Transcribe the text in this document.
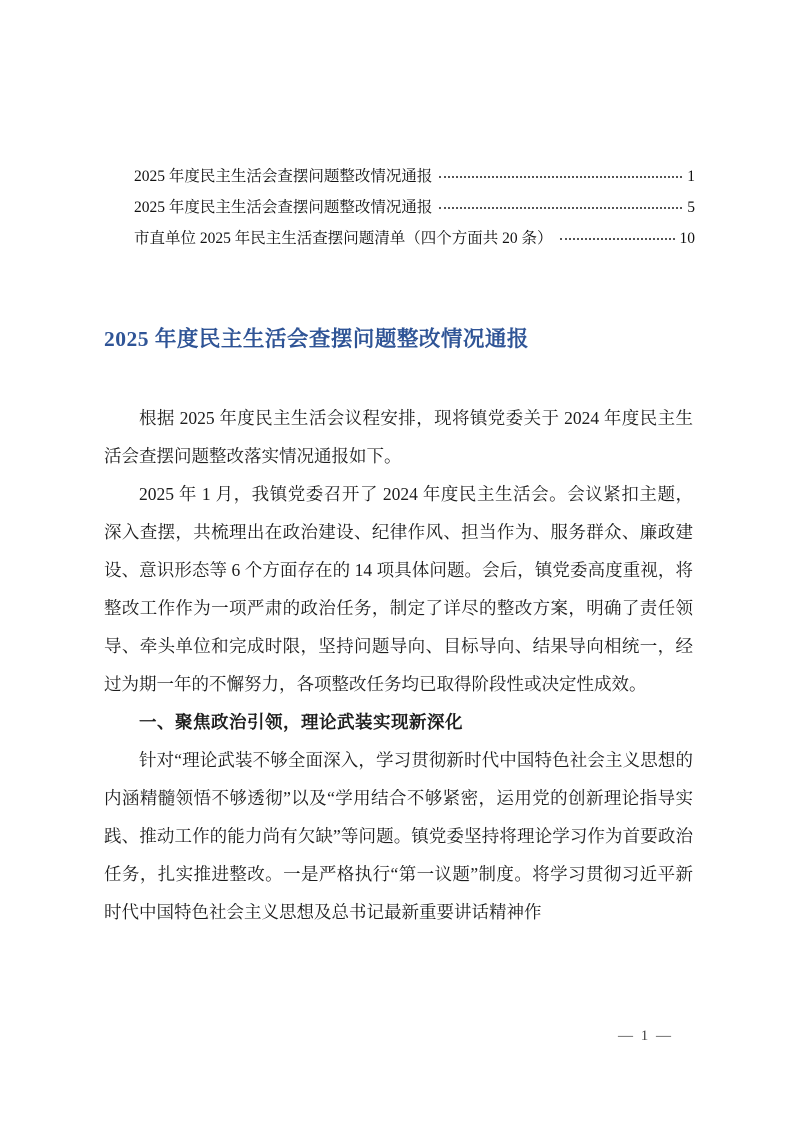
2025 年度民主生活会查摆问题整改情况通报	1
2025 年度民主生活会查摆问题整改情况通报	5
市直单位 2025 年民主生活查摆问题清单（四个方面共 20 条）	10
2025 年度民主生活会查摆问题整改情况通报

根据 2025 年度民主生活会议程安排，现将镇党委关于 2024 年度民主生活会查摆问题整改落实情况通报如下。

2025 年 1 月，我镇党委召开了 2024 年度民主生活会。会议紧扣主题，深入查摆，共梳理出在政治建设、纪律作风、担当作为、服务群众、廉政建设、意识形态等 6 个方面存在的 14 项具体问题。会后，镇党委高度重视，将整改工作作为一项严肃的政治任务，制定了详尽的整改方案，明确了责任领导、牵头单位和完成时限，坚持问题导向、目标导向、结果导向相统一，经过为期一年的不懈努力，各项整改任务均已取得阶段性或决定性成效。

一、聚焦政治引领，理论武装实现新深化

针对“理论武装不够全面深入，学习贯彻新时代中国特色社会主义思想的内涵精髓领悟不够透彻”以及“学用结合不够紧密，运用党的创新理论指导实践、推动工作的能力尚有欠缺”等问题。镇党委坚持将理论学习作为首要政治任务，扎实推进整改。一是严格执行“第一议题”制度。将学习贯彻习近平新时代中国特色社会主义思想及总书记最新重要讲话精神作

— 1 —
